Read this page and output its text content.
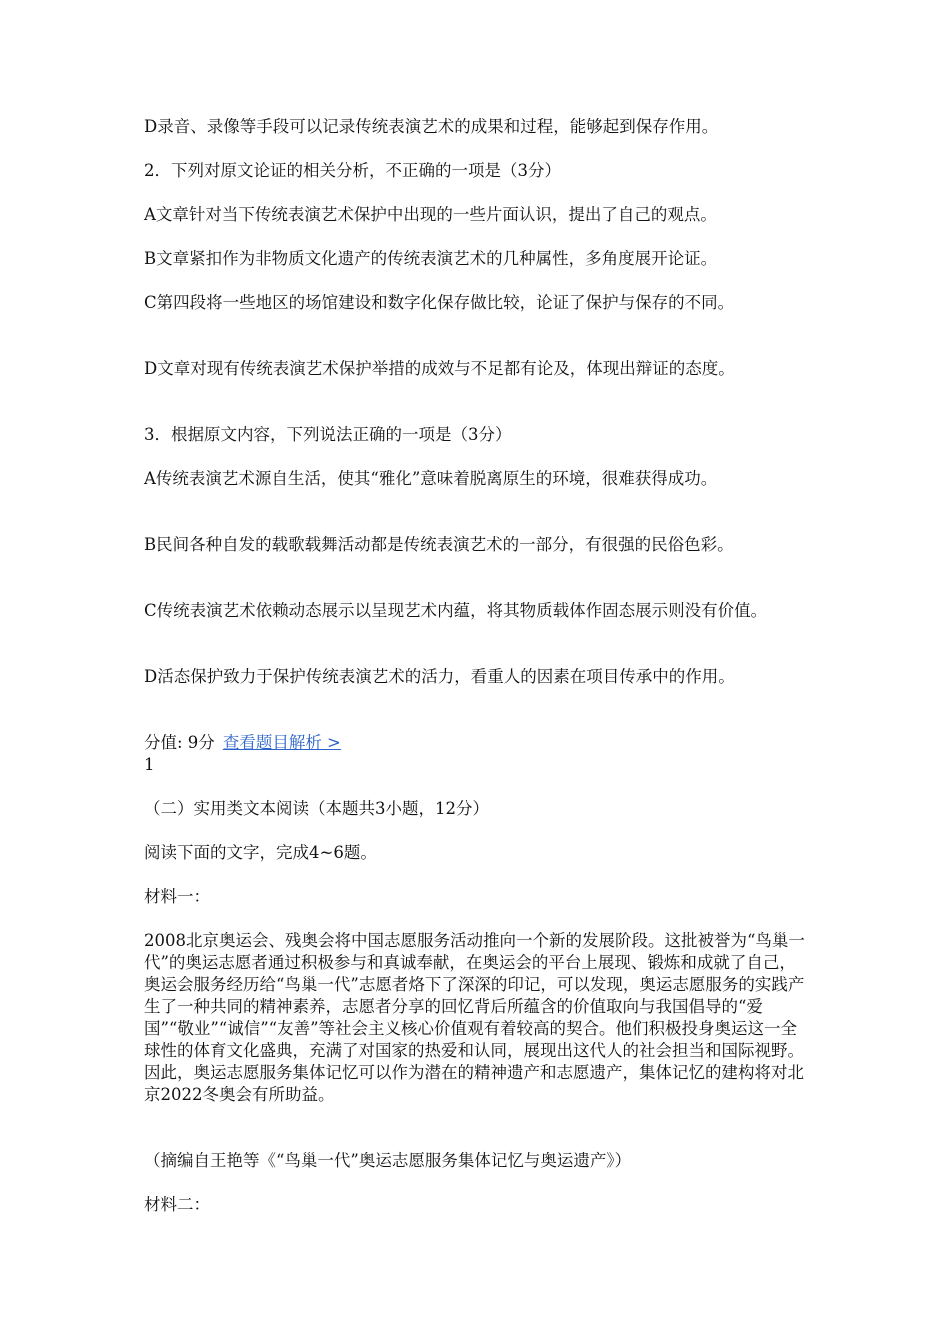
D录音、录像等手段可以记录传统表演艺术的成果和过程，能够起到保存作用。

2．下列对原文论证的相关分析，不正确的一项是（3分）

A文章针对当下传统表演艺术保护中出现的一些片面认识，提出了自己的观点。

B文章紧扣作为非物质文化遗产的传统表演艺术的几种属性，多角度展开论证。

C第四段将一些地区的场馆建设和数字化保存做比较，论证了保护与保存的不同。

D文章对现有传统表演艺术保护举措的成效与不足都有论及，体现出辩证的态度。

3．根据原文内容，下列说法正确的一项是（3分）

A传统表演艺术源自生活，使其“雅化”意味着脱离原生的环境，很难获得成功。

B民间各种自发的载歌载舞活动都是传统表演艺术的一部分，有很强的民俗色彩。

C传统表演艺术依赖动态展示以呈现艺术内蕴，将其物质载体作固态展示则没有价值。

D活态保护致力于保护传统表演艺术的活力，看重人的因素在项目传承中的作用。

分值: 9分 查看题目解析 >
1

（二）实用类文本阅读（本题共3小题，12分）

阅读下面的文字，完成4~6题。

材料一：

2008北京奥运会、残奥会将中国志愿服务活动推向一个新的发展阶段。这批被誉为“鸟巢一代”的奥运志愿者通过积极参与和真诚奉献，在奥运会的平台上展现、锻炼和成就了自己，奥运会服务经历给“鸟巢一代”志愿者烙下了深深的印记，可以发现，奥运志愿服务的实践产生了一种共同的精神素养，志愿者分享的回忆背后所蕴含的价值取向与我国倡导的“爱国”“敬业”“诚信”“友善”等社会主义核心价值观有着较高的契合。他们积极投身奥运这一全球性的体育文化盛典，充满了对国家的热爱和认同，展现出这代人的社会担当和国际视野。因此，奥运志愿服务集体记忆可以作为潜在的精神遗产和志愿遗产，集体记忆的建构将对北京2022冬奥会有所助益。

（摘编自王艳等《“鸟巢一代”奥运志愿服务集体记忆与奥运遗产》）

材料二：
